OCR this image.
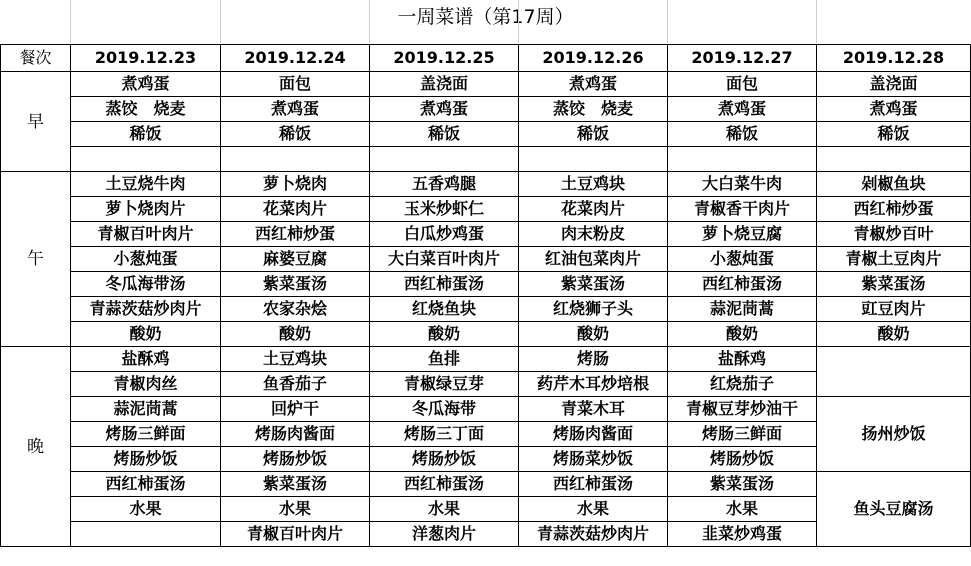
一周菜谱（第17周）
餐次	2019.12.23	2019.12.24	2019.12.25	2019.12.26	2019.12.27	2019.12.28
早	煮鸡蛋	面包	盖浇面	煮鸡蛋	面包	盖浇面
	蒸饺　烧麦	煮鸡蛋	煮鸡蛋	蒸饺　烧麦	煮鸡蛋	煮鸡蛋
	稀饭	稀饭	稀饭	稀饭	稀饭	稀饭

午	土豆烧牛肉	萝卜烧肉	五香鸡腿	土豆鸡块	大白菜牛肉	剁椒鱼块
	萝卜烧肉片	花菜肉片	玉米炒虾仁	花菜肉片	青椒香干肉片	西红柿炒蛋
	青椒百叶肉片	西红柿炒蛋	白瓜炒鸡蛋	肉末粉皮	萝卜烧豆腐	青椒炒百叶
	小葱炖蛋	麻婆豆腐	大白菜百叶肉片	红油包菜肉片	小葱炖蛋	青椒土豆肉片
	冬瓜海带汤	紫菜蛋汤	西红柿蛋汤	紫菜蛋汤	西红柿蛋汤	紫菜蛋汤
	青蒜茨菇炒肉片	农家杂烩	红烧鱼块	红烧狮子头	蒜泥茼蒿	豇豆肉片
	酸奶	酸奶	酸奶	酸奶	酸奶	酸奶
晚	盐酥鸡	土豆鸡块	鱼排	烤肠	盐酥鸡	
	青椒肉丝	鱼香茄子	青椒绿豆芽	药芹木耳炒培根	红烧茄子	
	蒜泥茼蒿	回炉干	冬瓜海带	青菜木耳	青椒豆芽炒油干	扬州炒饭
	烤肠三鲜面	烤肠肉酱面	烤肠三丁面	烤肠肉酱面	烤肠三鲜面	
	烤肠炒饭	烤肠炒饭	烤肠炒饭	烤肠菜炒饭	烤肠炒饭	
	西红柿蛋汤	紫菜蛋汤	西红柿蛋汤	西红柿蛋汤	紫菜蛋汤	鱼头豆腐汤
	水果	水果	水果	水果	水果	
		青椒百叶肉片	洋葱肉片	青蒜茨菇炒肉片	韭菜炒鸡蛋	
